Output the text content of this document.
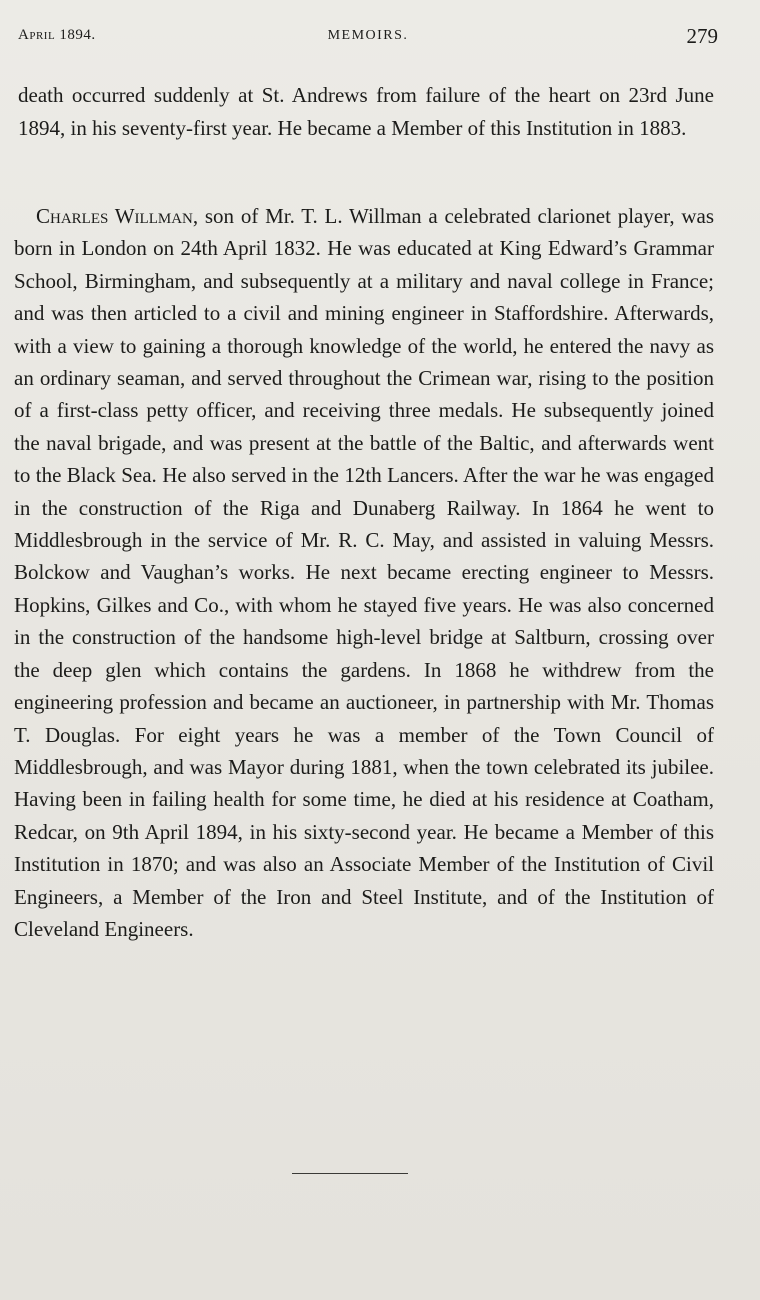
April 1894.	MEMOIRS.	279

death occurred suddenly at St. Andrews from failure of the heart on 23rd June 1894, in his seventy-first year. He became a Member of this Institution in 1883.

Charles Willman, son of Mr. T. L. Willman a celebrated clarionet player, was born in London on 24th April 1832. He was educated at King Edward’s Grammar School, Birmingham, and subsequently at a military and naval college in France; and was then articled to a civil and mining engineer in Staffordshire. Afterwards, with a view to gaining a thorough knowledge of the world, he entered the navy as an ordinary seaman, and served throughout the Crimean war, rising to the position of a first-class petty officer, and receiving three medals. He subsequently joined the naval brigade, and was present at the battle of the Baltic, and afterwards went to the Black Sea. He also served in the 12th Lancers. After the war he was engaged in the construction of the Riga and Dunaberg Railway. In 1864 he went to Middlesbrough in the service of Mr. R. C. May, and assisted in valuing Messrs. Bolckow and Vaughan’s works. He next became erecting engineer to Messrs. Hopkins, Gilkes and Co., with whom he stayed five years. He was also concerned in the construction of the handsome high-level bridge at Saltburn, crossing over the deep glen which contains the gardens. In 1868 he withdrew from the engineering profession and became an auctioneer, in partnership with Mr. Thomas T. Douglas. For eight years he was a member of the Town Council of Middlesbrough, and was Mayor during 1881, when the town celebrated its jubilee. Having been in failing health for some time, he died at his residence at Coatham, Redcar, on 9th April 1894, in his sixty-second year. He became a Member of this Institution in 1870; and was also an Associate Member of the Institution of Civil Engineers, a Member of the Iron and Steel Institute, and of the Institution of Cleveland Engineers.
